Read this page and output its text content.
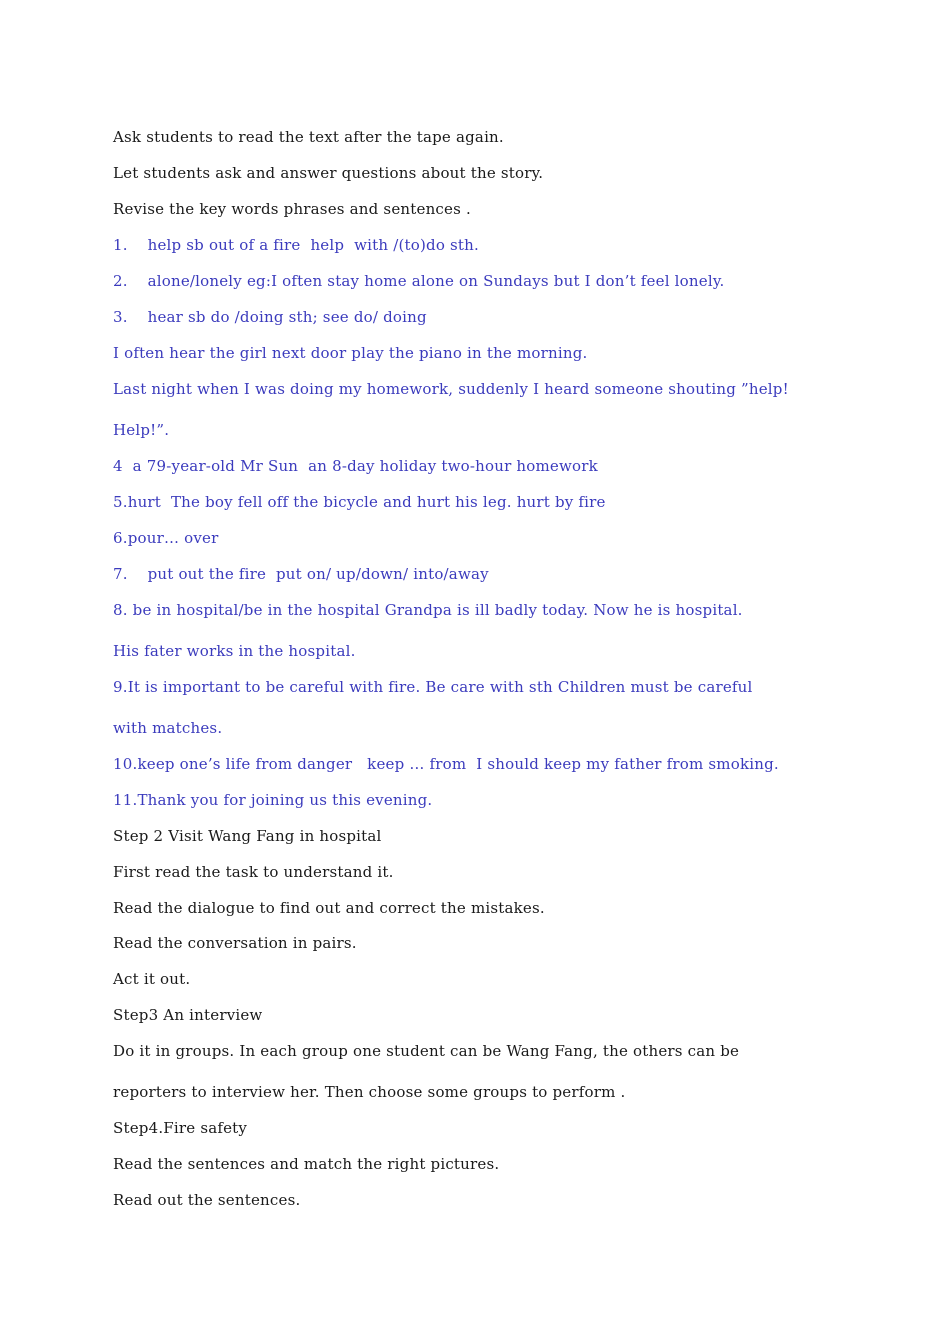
Ask students to read the text after the tape again.
Let students ask and answer questions about the story.
Revise the key words phrases and sentences .
1.    help sb out of a fire  help  with /(to)do sth.
2.    alone/lonely eg:I often stay home alone on Sundays but I don’t feel lonely.
3.    hear sb do /doing sth; see do/ doing
I often hear the girl next door play the piano in the morning.
Last night when I was doing my homework, suddenly I heard someone shouting ”help!
Help!”.
4  a 79-year-old Mr Sun  an 8-day holiday two-hour homework
5.hurt  The boy fell off the bicycle and hurt his leg. hurt by fire
6.pour… over
7.    put out the fire  put on/ up/down/ into/away
8. be in hospital/be in the hospital Grandpa is ill badly today. Now he is hospital.
His fater works in the hospital.
9.It is important to be careful with fire. Be care with sth Children must be careful
with matches.
10.keep one’s life from danger   keep … from  I should keep my father from smoking.
11.Thank you for joining us this evening.
Step 2 Visit Wang Fang in hospital
First read the task to understand it.
Read the dialogue to find out and correct the mistakes.
Read the conversation in pairs.
Act it out.
Step3 An interview
Do it in groups. In each group one student can be Wang Fang, the others can be
reporters to interview her. Then choose some groups to perform .
Step4.Fire safety
Read the sentences and match the right pictures.
Read out the sentences.
